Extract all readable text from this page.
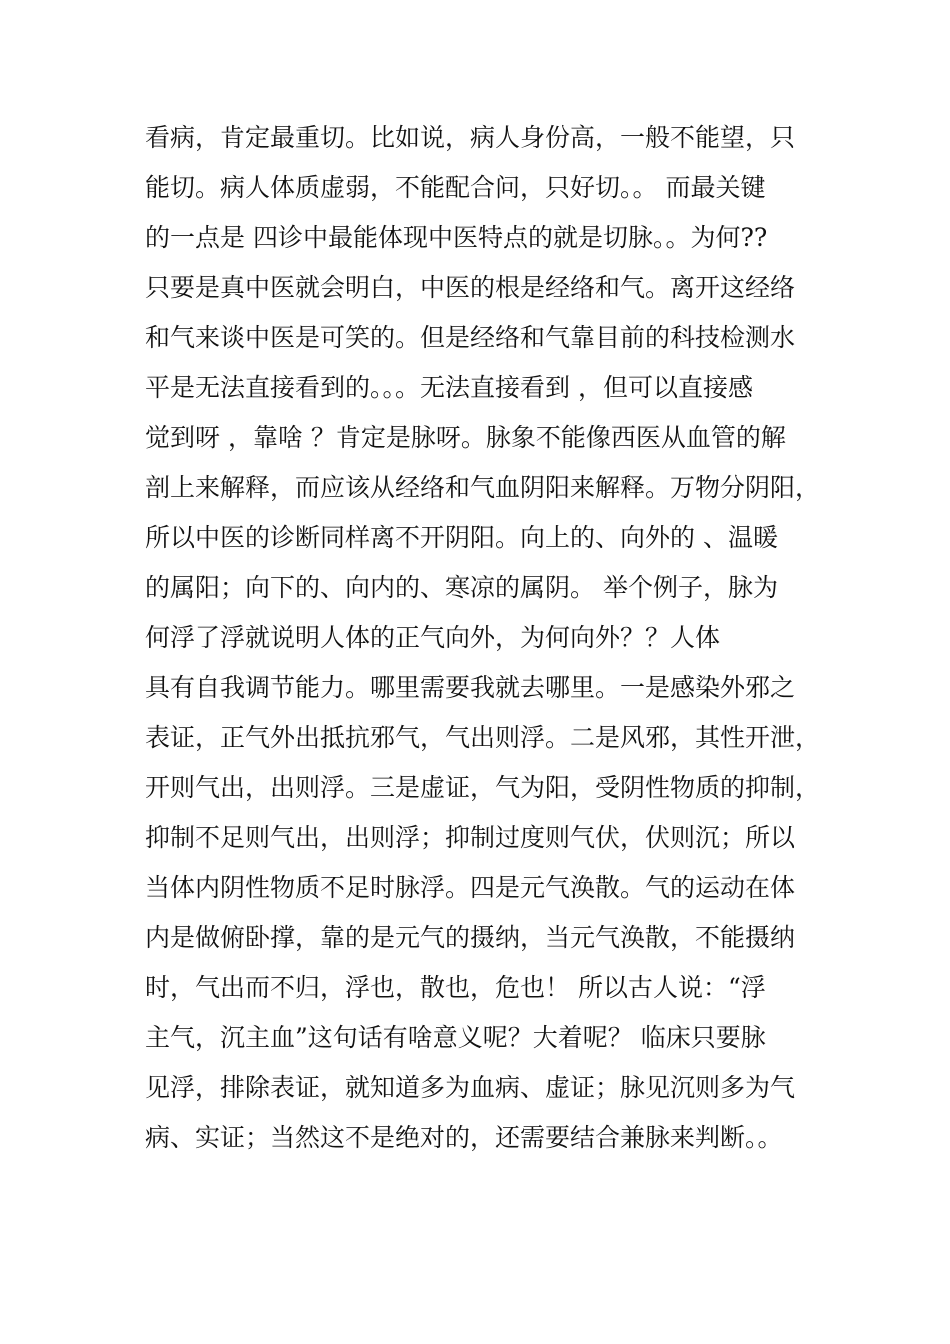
看病，肯定最重切。比如说，病人身份高，一般不能望，只
能切。病人体质虚弱，不能配合问，只好切。。 而最关键
的一点是 四诊中最能体现中医特点的就是切脉。。为何??
只要是真中医就会明白，中医的根是经络和气。离开这经络
和气来谈中医是可笑的。但是经络和气靠目前的科技检测水
平是无法直接看到的。。。无法直接看到 ，但可以直接感
觉到呀 ，靠啥 ？肯定是脉呀。脉象不能像西医从血管的解
剖上来解释，而应该从经络和气血阴阳来解释。万物分阴阳，
所以中医的诊断同样离不开阴阳。向上的、向外的 、温暖
的属阳；向下的、向内的、寒凉的属阴。 举个例子，脉为
何浮了浮就说明人体的正气向外，为何向外？？人体
具有自我调节能力。哪里需要我就去哪里。一是感染外邪之
表证，正气外出抵抗邪气，气出则浮。二是风邪，其性开泄，
开则气出，出则浮。三是虚证，气为阳，受阴性物质的抑制，
抑制不足则气出，出则浮；抑制过度则气伏，伏则沉；所以
当体内阴性物质不足时脉浮。四是元气涣散。气的运动在体
内是做俯卧撑，靠的是元气的摄纳，当元气涣散，不能摄纳
时，气出而不归，浮也，散也，危也！ 所以古人说：“浮
主气，沉主血”这句话有啥意义呢？大着呢？ 临床只要脉
见浮，排除表证，就知道多为血病、虚证；脉见沉则多为气
病、实证；当然这不是绝对的，还需要结合兼脉来判断。。
